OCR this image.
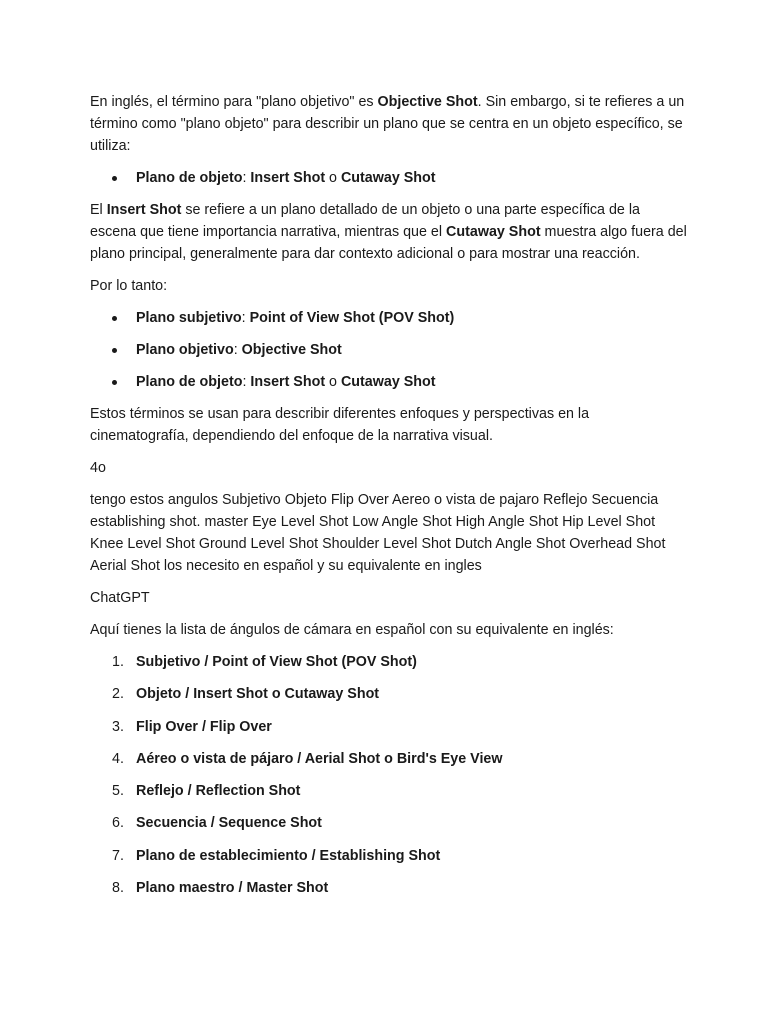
En inglés, el término para "plano objetivo" es Objective Shot. Sin embargo, si te refieres a un término como "plano objeto" para describir un plano que se centra en un objeto específico, se utiliza:

Plano de objeto: Insert Shot o Cutaway Shot

El Insert Shot se refiere a un plano detallado de un objeto o una parte específica de la escena que tiene importancia narrativa, mientras que el Cutaway Shot muestra algo fuera del plano principal, generalmente para dar contexto adicional o para mostrar una reacción.

Por lo tanto:

Plano subjetivo: Point of View Shot (POV Shot)
Plano objetivo: Objective Shot
Plano de objeto: Insert Shot o Cutaway Shot

Estos términos se usan para describir diferentes enfoques y perspectivas en la cinematografía, dependiendo del enfoque de la narrativa visual.

4o

tengo estos angulos Subjetivo Objeto Flip Over Aereo o vista de pajaro Reflejo Secuencia establishing shot. master Eye Level Shot Low Angle Shot High Angle Shot Hip Level Shot Knee Level Shot Ground Level Shot Shoulder Level Shot Dutch Angle Shot Overhead Shot Aerial Shot los necesito en español y su equivalente en ingles

ChatGPT

Aquí tienes la lista de ángulos de cámara en español con su equivalente en inglés:

1. Subjetivo / Point of View Shot (POV Shot)
2. Objeto / Insert Shot o Cutaway Shot
3. Flip Over / Flip Over
4. Aéreo o vista de pájaro / Aerial Shot o Bird's Eye View
5. Reflejo / Reflection Shot
6. Secuencia / Sequence Shot
7. Plano de establecimiento / Establishing Shot
8. Plano maestro / Master Shot
